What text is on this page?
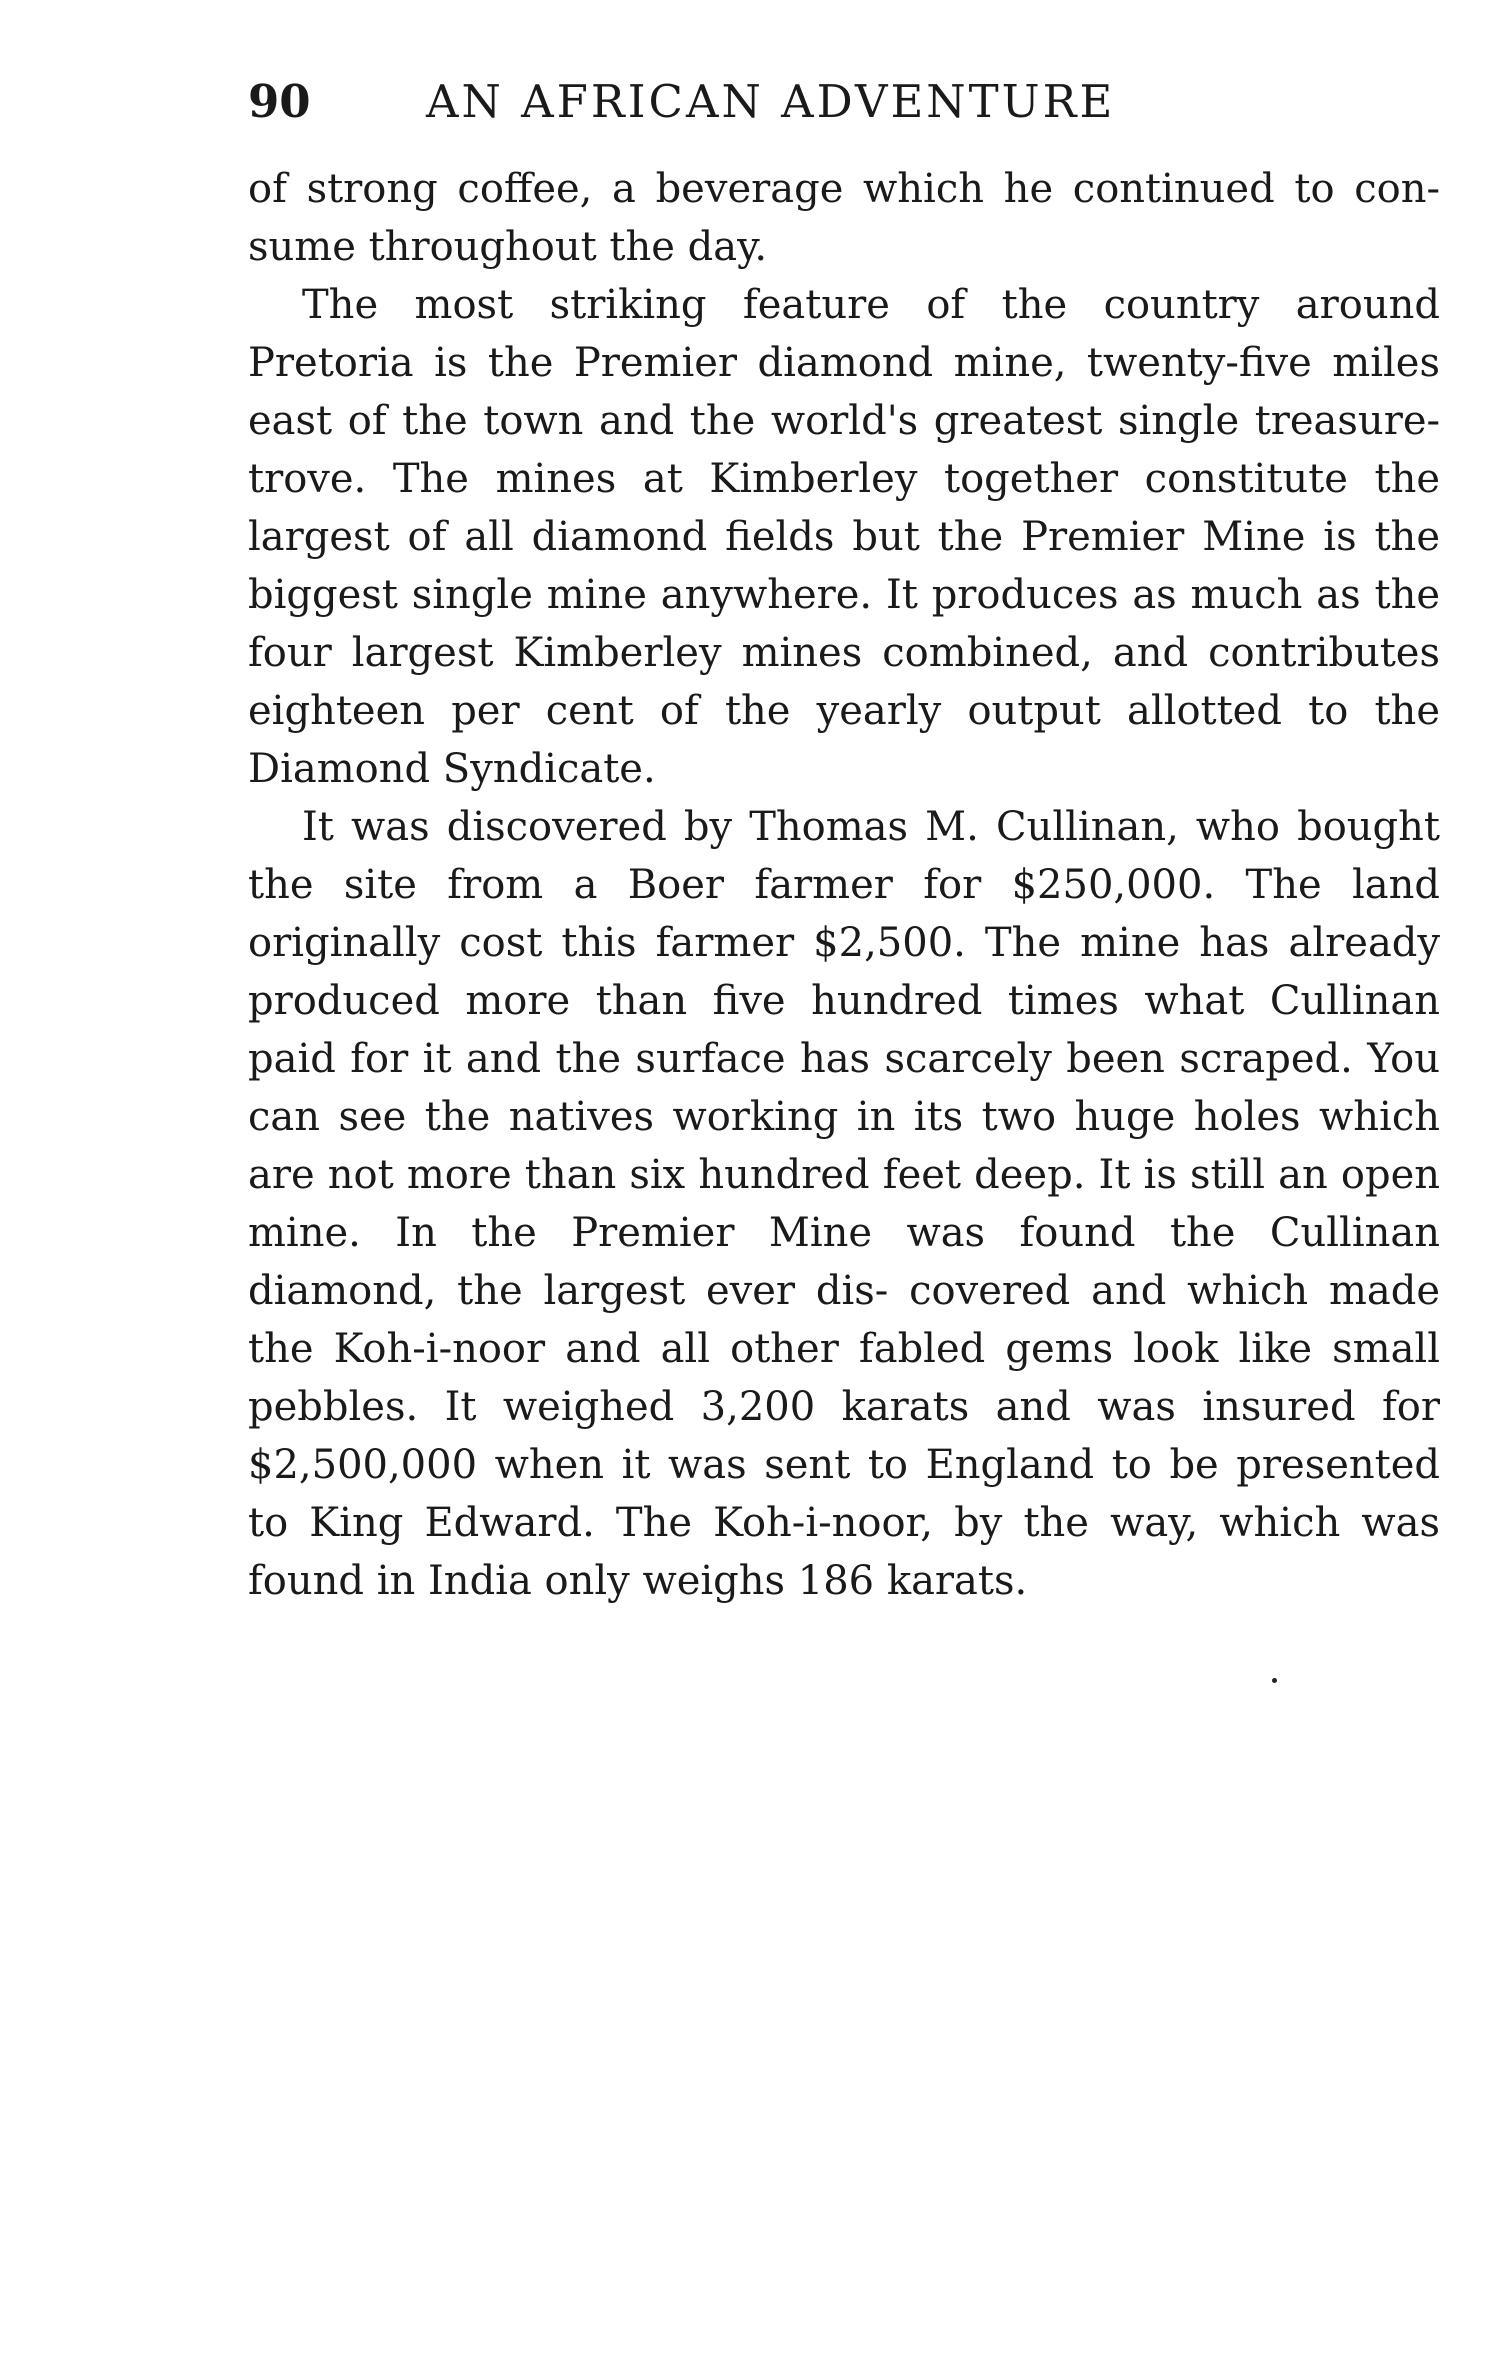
90	AN AFRICAN ADVENTURE

of strong coffee, a beverage which he continued to con- sume throughout the day.

The most striking feature of the country around Pretoria is the Premier diamond mine, twenty-five miles east of the town and the world's greatest single treasure- trove. The mines at Kimberley together constitute the largest of all diamond fields but the Premier Mine is the biggest single mine anywhere. It produces as much as the four largest Kimberley mines combined, and contributes eighteen per cent of the yearly output allotted to the Diamond Syndicate.

It was discovered by Thomas M. Cullinan, who bought the site from a Boer farmer for $250,000. The land originally cost this farmer $2,500. The mine has already produced more than five hundred times what Cullinan paid for it and the surface has scarcely been scraped. You can see the natives working in its two huge holes which are not more than six hundred feet deep. It is still an open mine. In the Premier Mine was found the Cullinan diamond, the largest ever dis- covered and which made the Koh-i-noor and all other fabled gems look like small pebbles. It weighed 3,200 karats and was insured for $2,500,000 when it was sent to England to be presented to King Edward. The Koh-i-noor, by the way, which was found in India only weighs 186 karats.
